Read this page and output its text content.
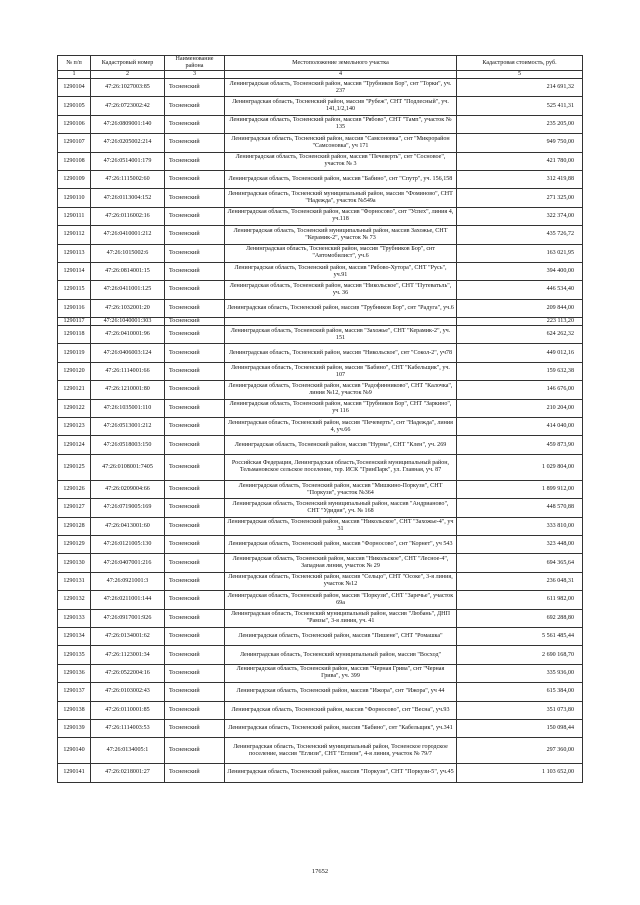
№ п/п	Кадастровый номер	Наименование района	Местоположение земельного участка	Кадастровая стоимость, руб.
1	2	3	4	5
1290104	47:26:1027003:85	Тосненский	Ленинградская область, Тосненский район, массив "Трубников Бор", снт "Торки", уч. 237	214 691,32
1290105	47:26:0723002:42	Тосненский	Ленинградская область, Тосненский район, массив "Рубеж", СНТ "Подлесный", уч. 141,1/2,140	525 411,31
1290106	47:26:0809001:140	Тосненский	Ленинградская область, Тосненский район, массив "Рябово", СНТ "Тамп", участок № 135	235 205,00
1290107	47:26:0205002:214	Тосненский	Ленинградская область, Тосненский район, массив "Самсоновка", снт "Микрорайон "Самсоновка", уч 171	949 750,00
1290108	47:26:0514001:179	Тосненский	Ленинградская область, Тосненский район, массив "Печеверть", снт "Сосновое", участок № 3	421 780,00
1290109	47:26:1115002:60	Тосненский	Ленинградская область, Тосненский район, массив "Бабино", снт "Спутр", уч. 156,158	312 419,88
1290110	47:26:0113004:152	Тосненский	Ленинградская область, Тосненский муниципальный район, массив "Фоминово", СНТ "Надежда", участок №549а	271 325,00
1290111	47:26:0116002:16	Тосненский	Ленинградская область, Тосненский район, массив "Форносово", снт "Успех", линия 4, уч.118	322 374,00
1290112	47:26:0410001:212	Тосненский	Ленинградская область, Тосненский муниципальный район, массив Захожье, СНТ "Керамик-2", участок № 73	435 726,72
1290113	47:26:1015002:6	Тосненский	Ленинградская область, Тосненский район, массив "Трубников Бор", снт "Автомобилист", уч.6	163 021,95
1290114	47:26:0814001:15	Тосненский	Ленинградская область, Тосненский район, массив "Рябово-Хутора", СНТ "Русь", уч.91	394 400,00
1290115	47:26:0411001:125	Тосненский	Ленинградская область, Тосненский район, массив "Никольское", СНТ "Путеватьль", уч. 36	446 534,40
1290116	47:26:1032001:20	Тосненский	Ленинградская область, Тосненский район, массив "Трубников Бор", снт "Радуга", уч.6	209 844,00
1290117	47:26:1040001:303	Тосненский		223 113,20
1290118	47:26:0410001:96	Тосненский	Ленинградская область, Тосненский район, массив "Захожье", СНТ "Керамик-2", уч. 151	624 262,32
1290119	47:26:0406003:124	Тосненский	Ленинградская область, Тосненский район, массив "Никольское", снт "Сокол-2", уч78	449 012,16
1290120	47:26:1114001:66	Тосненский	Ленинградская область, Тосненский район, массив "Бабино", СНТ "Кабельщик", уч. 107	159 632,38
1290121	47:26:1210001:80	Тосненский	Ленинградская область, Тосненский район, массив "Радофинниково", СНТ "Калочка", линия №12, участок №9	146 676,00
1290122	47:26:1035001:110	Тосненский	Ленинградская область, Тосненский район, массив "Трубников Бор", СНТ "Заркино", уч 116	210 204,00
1290123	47:26:0513001:212	Тосненский	Ленинградская область, Тосненский район, массив "Печеверть", снт "Надежда", линия 4, уч.66	414 040,00
1290124	47:26:0518003:150	Тосненский	Ленинградская область, Тосненский район, массив "Нурма", СНТ "Клен", уч. 269	459 873,90
1290125	47:26:0108001:7405	Тосненский	Российская Федерация, Ленинградская область,Тосненский муниципальный район, Тельмановское сельское поселение, тер. ИСК "ГринПарк", ул. Главная, уч. 87	1 029 804,00
1290126	47:26:0209004:66	Тосненский	Ленинградская область, Тосненский район, массив "Мишкино-Поркузи", СНТ "Поркузи", участок №364	1 899 912,00
1290127	47:26:0719005:169	Тосненский	Ленинградская область, Тосненский муниципальный район, массив "Андрианово", СНТ "Удидия", уч. № 168	448 570,88
1290128	47:26:0413001:60	Тосненский	Ленинградская область, Тосненский район, массив "Никольское", СНТ "Захожье-4", уч 31	333 810,00
1290129	47:26:0121005:130	Тосненский	Ленинградская область, Тосненский район, массив "Форносово", снт "Корнет", уч 543	323 448,00
1290130	47:26:0407001:216	Тосненский	Ленинградская область, Тосненский район, массив "Никольское", СНТ "Лесное-4", Западная линия, участок № 29	694 365,64
1290131	47:26:0921001:3	Тосненский	Ленинградская область, Тосненский район, массив "Сельцо", СНТ "Осоке", 3-я линия, участок №12	236 048,31
1290132	47:26:0211001:144	Тосненский	Ленинградская область, Тосненский район, массив "Поркузи", СНТ "Заречье", участок 69а	611 982,00
1290133	47:26:0917001:926	Тосненский	Ленинградская область, Тосненский муниципальный район, массив "Любань", ДНП "Рамзы", 3-я линия, уч. 41	692 288,80
1290134	47:26:0134001:62	Тосненский	Ленинградская область, Тосненский район, массив "Пишене", СНТ "Ромашка"	5 561 485,44
1290135	47:26:1123001:34	Тосненский	Ленинградская область, Тосненский муниципальный район, массив "Восход"	2 690 168,70
1290136	47:26:0522004:16	Тосненский	Ленинградская область, Тосненский район, массив "Черная Грива", снт "Черная Грива", уч. 399	335 936,00
1290137	47:26:0103002:43	Тосненский	Ленинградская область, Тосненский район, массив "Ижора", снт "Ижора", уч 44	615 384,00
1290138	47:26:0110001:85	Тосненский	Ленинградская область, Тосненский район, массив "Форносово", снт "Весна", уч.93	351 073,80
1290139	47:26:1114003:53	Тосненский	Ленинградская область, Тосненский район, массив "Бабино", снт "Кабельщик", уч.341	150 098,44
1290140	47:26:0134005:1	Тосненский	Ленинградская область, Тосненский муниципальный район, Тосненское городское поселение, массив "Еглизи", СНТ "Еглизи", 4-я линия, участок № 79/7	297 360,00
1290141	47:26:0218001:27	Тосненский	Ленинградская область, Тосненский район, массив "Поркузи", СНТ "Поркузи-5", уч.45	1 103 652,00
17652
